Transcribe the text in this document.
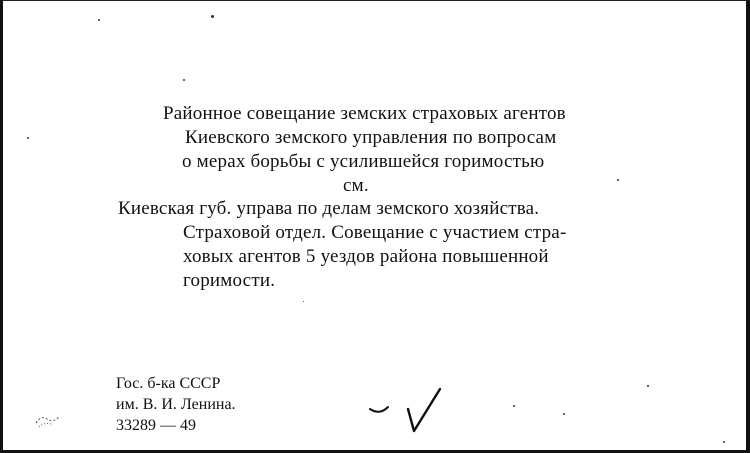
Районное совещание земских страховых агентов
Киевского земского управления по вопросам
о мерах борьбы с усилившейся горимостью
см.
Киевская губ. управа по делам земского хозяйства.
Страховой отдел. Совещание с участием стра-
ховых агентов 5 уездов района повышенной
горимости.
Гос. б-ка СССР
им. В. И. Ленина.
33289 — 49
